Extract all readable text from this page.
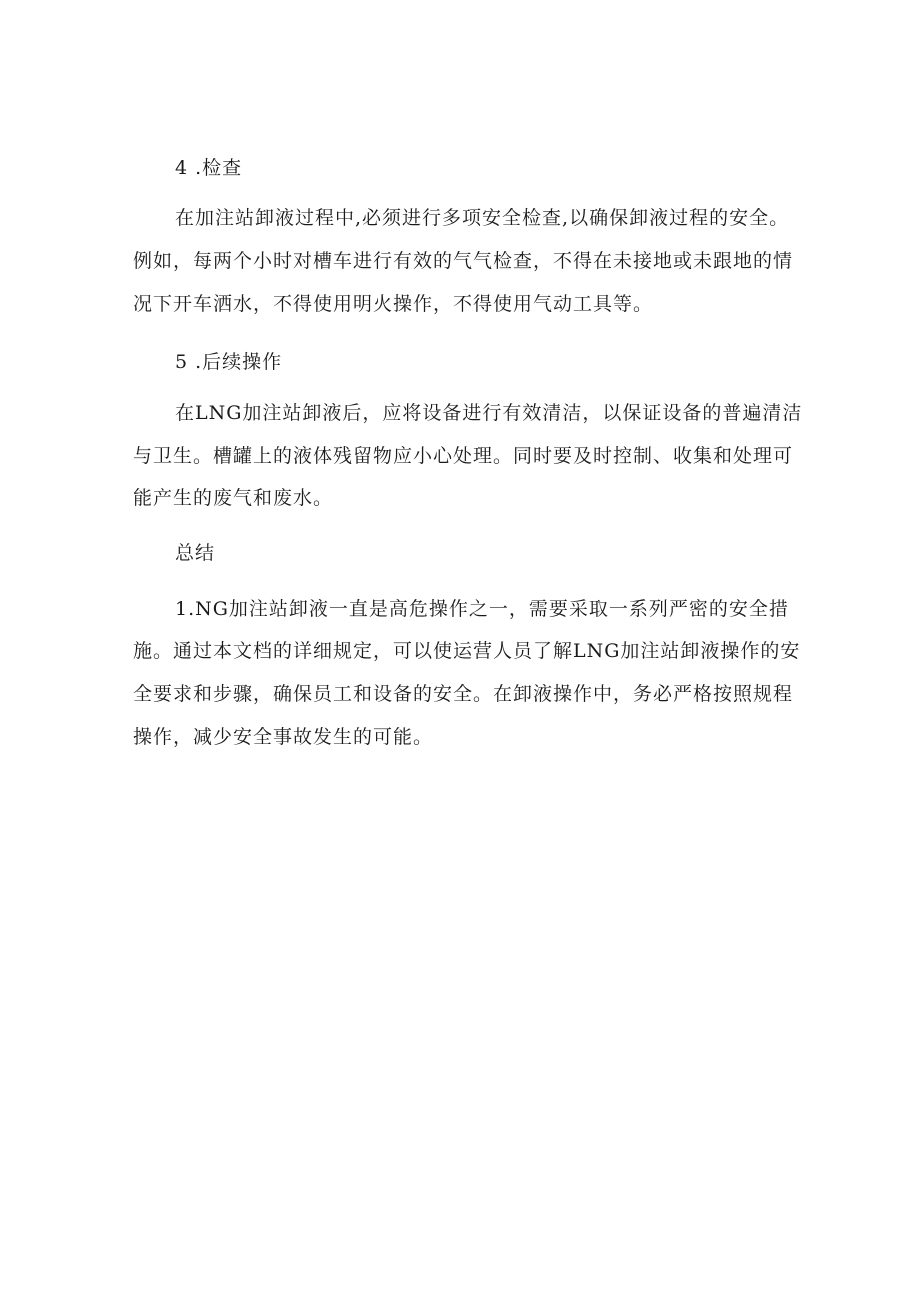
4 .检查
在加注站卸液过程中,必须进行多项安全检查,以确保卸液过程的安全。
例如，每两个小时对槽车进行有效的气气检查，不得在未接地或未跟地的情
况下开车洒水，不得使用明火操作，不得使用气动工具等。
5 .后续操作
在LNG加注站卸液后，应将设备进行有效清洁，以保证设备的普遍清洁
与卫生。槽罐上的液体残留物应小心处理。同时要及时控制、收集和处理可
能产生的废气和废水。
总结
1.NG加注站卸液一直是高危操作之一，需要采取一系列严密的安全措
施。通过本文档的详细规定，可以使运营人员了解LNG加注站卸液操作的安
全要求和步骤，确保员工和设备的安全。在卸液操作中，务必严格按照规程
操作，减少安全事故发生的可能。
